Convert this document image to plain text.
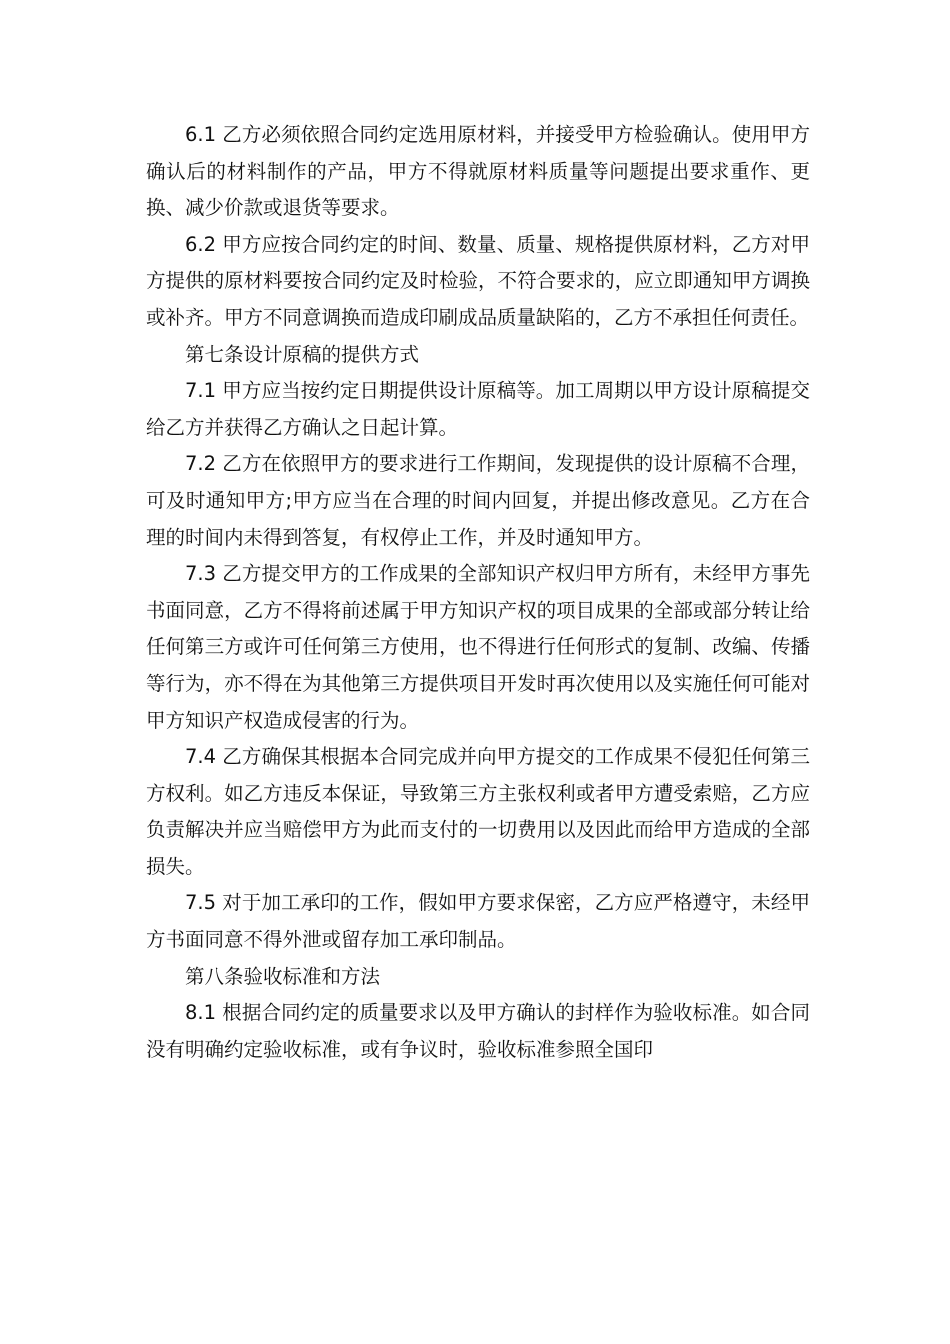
6.1 乙方必须依照合同约定选用原材料，并接受甲方检验确认。使用甲方确认后的材料制作的产品，甲方不得就原材料质量等问题提出要求重作、更换、减少价款或退货等要求。

6.2 甲方应按合同约定的时间、数量、质量、规格提供原材料，乙方对甲方提供的原材料要按合同约定及时检验，不符合要求的，应立即通知甲方调换或补齐。甲方不同意调换而造成印刷成品质量缺陷的，乙方不承担任何责任。

第七条设计原稿的提供方式

7.1 甲方应当按约定日期提供设计原稿等。加工周期以甲方设计原稿提交给乙方并获得乙方确认之日起计算。

7.2 乙方在依照甲方的要求进行工作期间，发现提供的设计原稿不合理，可及时通知甲方;甲方应当在合理的时间内回复，并提出修改意见。乙方在合理的时间内未得到答复，有权停止工作，并及时通知甲方。

7.3 乙方提交甲方的工作成果的全部知识产权归甲方所有，未经甲方事先书面同意，乙方不得将前述属于甲方知识产权的项目成果的全部或部分转让给任何第三方或许可任何第三方使用，也不得进行任何形式的复制、改编、传播等行为，亦不得在为其他第三方提供项目开发时再次使用以及实施任何可能对甲方知识产权造成侵害的行为。

7.4 乙方确保其根据本合同完成并向甲方提交的工作成果不侵犯任何第三方权利。如乙方违反本保证，导致第三方主张权利或者甲方遭受索赔，乙方应负责解决并应当赔偿甲方为此而支付的一切费用以及因此而给甲方造成的全部损失。

7.5 对于加工承印的工作，假如甲方要求保密，乙方应严格遵守，未经甲方书面同意不得外泄或留存加工承印制品。

第八条验收标准和方法

8.1 根据合同约定的质量要求以及甲方确认的封样作为验收标准。如合同没有明确约定验收标准，或有争议时，验收标准参照全国印
